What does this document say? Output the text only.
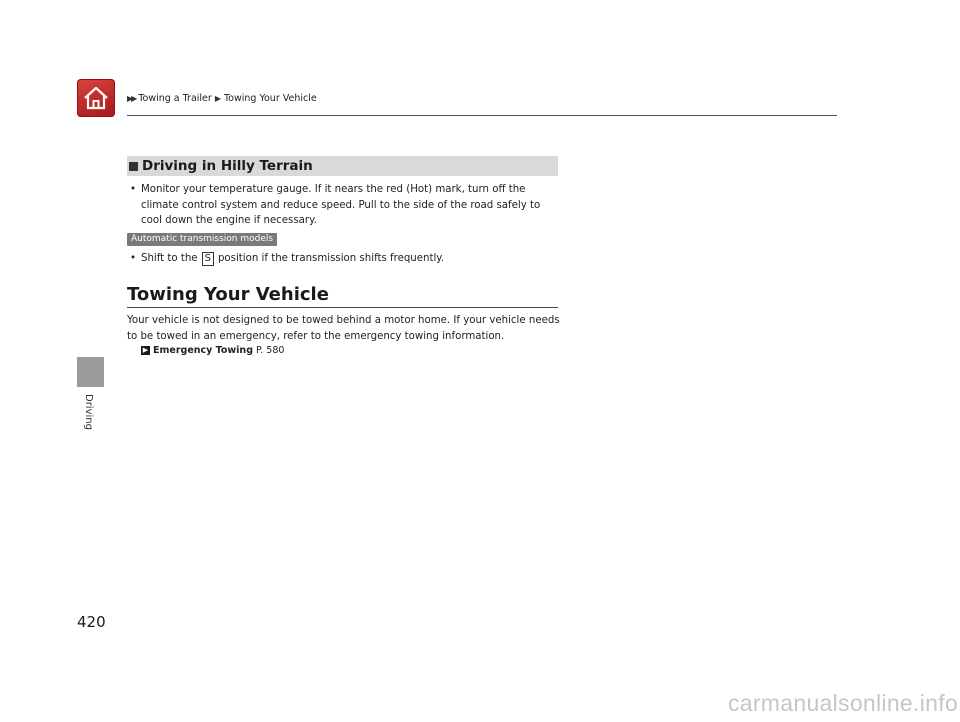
▶▶ Towing a Trailer ▶ Towing Your Vehicle
Driving
Driving in Hilly Terrain
• Monitor your temperature gauge. If it nears the red (Hot) mark, turn off the climate control system and reduce speed. Pull to the side of the road safely to cool down the engine if necessary.
Automatic transmission models
• Shift to the S position if the transmission shifts frequently.
Towing Your Vehicle
Your vehicle is not designed to be towed behind a motor home. If your vehicle needs to be towed in an emergency, refer to the emergency towing information.
▶ Emergency Towing P. 580
420
carmanualsonline.info
